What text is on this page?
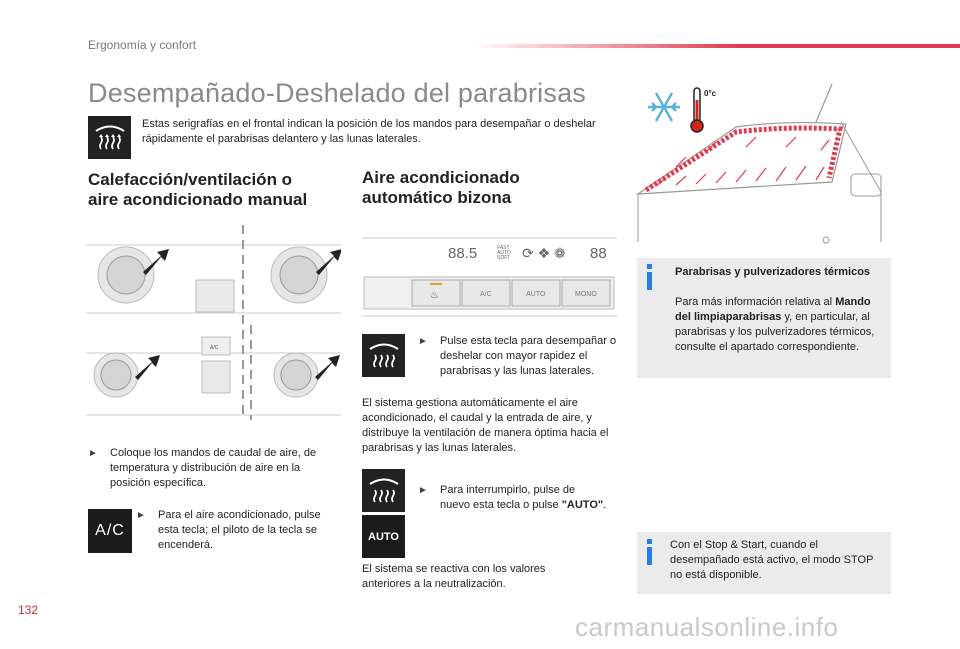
Ergonomía y confort
Desempañado-Deshelado del parabrisas
Estas serigrafías en el frontal indican la posición de los mandos para desempañar o deshelar rápidamente el parabrisas delantero y las lunas laterales.
Calefacción/ventilación o
aire acondicionado manual
A/C
►	Coloque los mandos de caudal de aire, de temperatura y distribución de aire en la posición específica.
A/C
►	Para el aire acondicionado, pulse esta tecla; el piloto de la tecla se encenderá.
Aire acondicionado
automático bizona
88.5	FAST AUTO SOFT ⟳ ❖ ❁ 88
♨	A/C	AUTO	MONO
►	Pulse esta tecla para desempañar o deshelar con mayor rapidez el parabrisas y las lunas laterales.
El sistema gestiona automáticamente el aire acondicionado, el caudal y la entrada de aire, y distribuye la ventilación de manera óptima hacia el parabrisas y las lunas laterales.
AUTO
►	Para interrumpirlo, pulse de nuevo esta tecla o pulse "AUTO".
El sistema se reactiva con los valores anteriores a la neutralización.
0°c
Parabrisas y pulverizadores térmicos
Para más información relativa al Mando del limpiaparabrisas y, en particular, al parabrisas y los pulverizadores térmicos, consulte el apartado correspondiente.
Con el Stop & Start, cuando el desempañado está activo, el modo STOP no está disponible.
132
carmanualsonline.info
